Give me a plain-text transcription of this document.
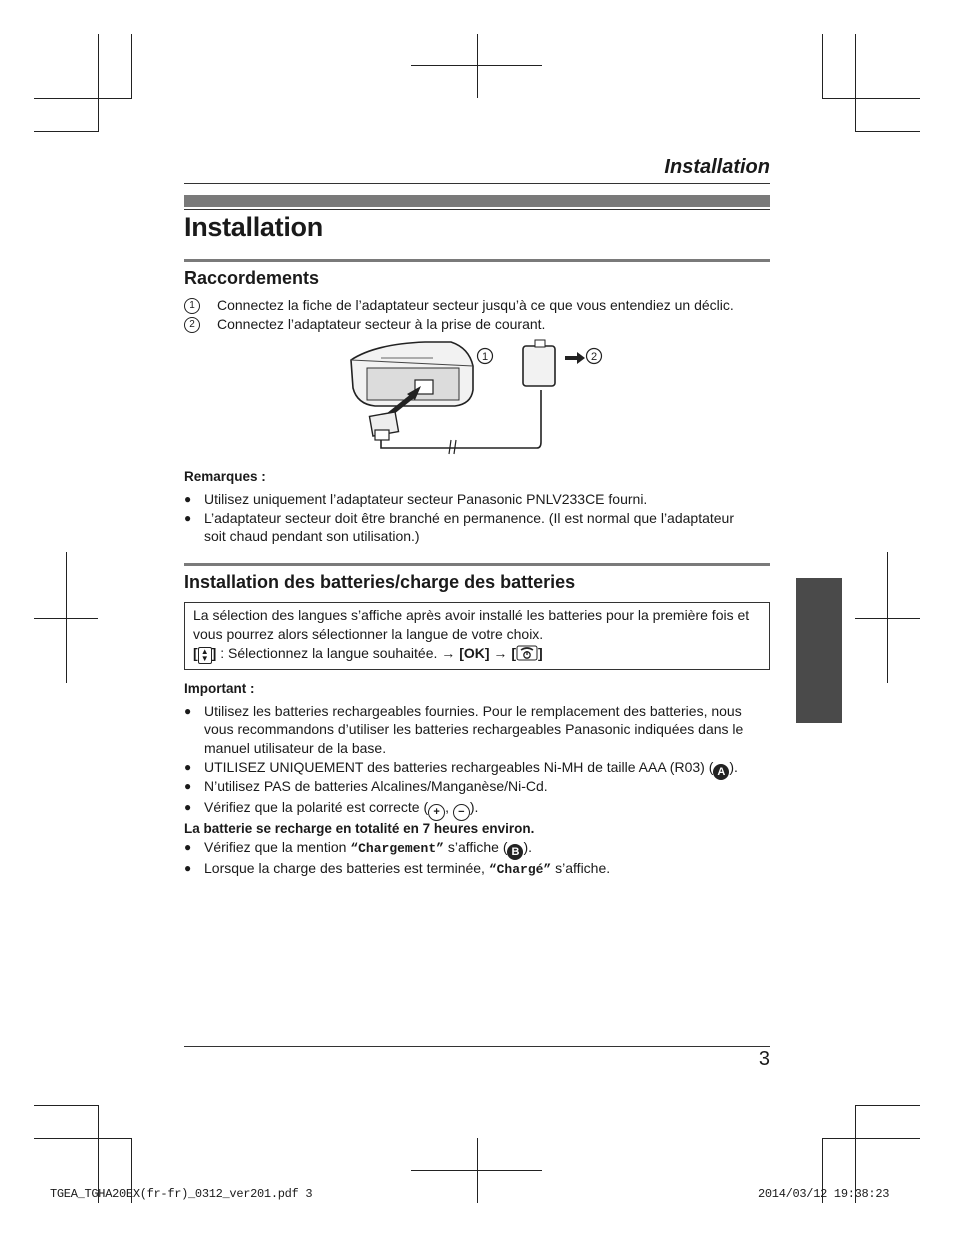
Installation
Installation
Raccordements
1	Connectez la fiche de l’adaptateur secteur jusqu’à ce que vous entendiez un déclic.
2	Connectez l’adaptateur secteur à la prise de courant.
1	2
Remarques :
● Utilisez uniquement l’adaptateur secteur Panasonic PNLV233CE fourni.
● L’adaptateur secteur doit être branché en permanence. (Il est normal que l’adaptateur
soit chaud pendant son utilisation.)
Installation des batteries/charge des batteries
La sélection des langues s’affiche après avoir installé les batteries pour la première fois et
vous pourrez alors sélectionner la langue de votre choix.
[ ▲
▼ ] : Sélectionnez la langue souhaitée. → [OK] → [ ]
Important :
● Utilisez les batteries rechargeables fournies. Pour le remplacement des batteries, nous
vous recommandons d’utiliser les batteries rechargeables Panasonic indiquées dans le
manuel utilisateur de la base.
● UTILISEZ UNIQUEMENT des batteries rechargeables Ni-MH de taille AAA (R03) ( A ).
● N’utilisez PAS de batteries Alcalines/Manganèse/Ni-Cd.
● Vérifiez que la polarité est correcte ( + , − ).
La batterie se recharge en totalité en 7 heures environ.
● Vérifiez que la mention “Chargement” s’affiche ( B ).
● Lorsque la charge des batteries est terminée, “Chargé” s’affiche.
3
TGEA_TGHA20EX(fr-fr)_0312_ver201.pdf 3	2014/03/12 19:38:23
